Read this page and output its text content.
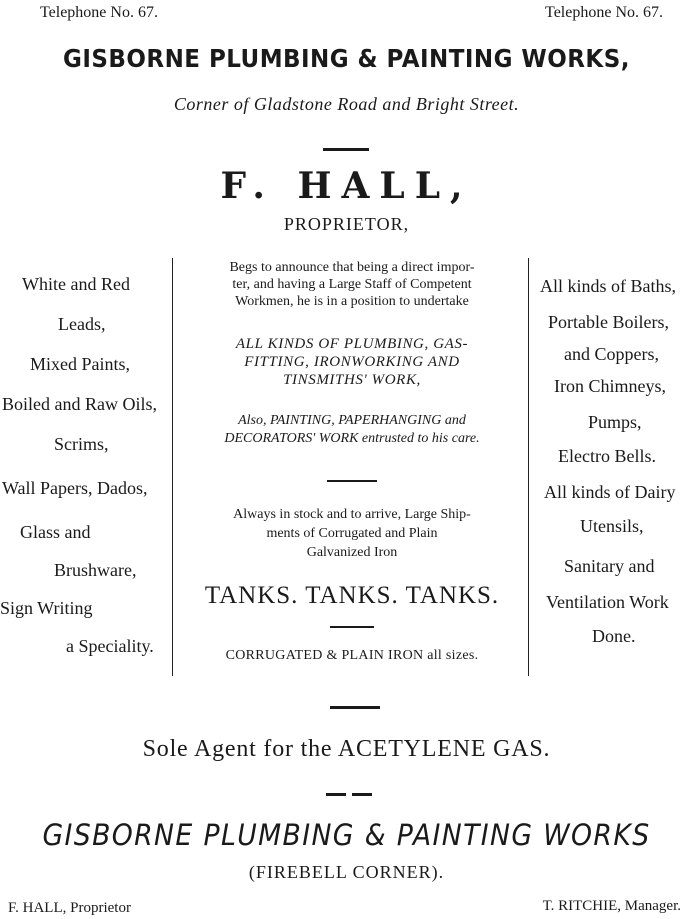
Telephone No. 67.	Telephone No. 67.
GISBORNE PLUMBING & PAINTING WORKS,
Corner of Gladstone Road and Bright Street.
F. HALL,
PROPRIETOR,
White and Red
Leads,
Mixed Paints,
Boiled and Raw Oils,
Scrims,
Wall Papers, Dados,
Glass and
Brushware,
Sign Writing
a Speciality.
Begs to announce that being a direct impor-
ter, and having a Large Staff of Competent
Workmen, he is in a position to undertake
ALL KINDS OF PLUMBING, GAS-
FITTING, IRONWORKING AND
TINSMITHS' WORK,
Also, PAINTING, PAPERHANGING and
DECORATORS' WORK entrusted to his care.
Always in stock and to arrive, Large Ship-
ments of Corrugated and Plain
Galvanized Iron
TANKS. TANKS. TANKS.
CORRUGATED & PLAIN IRON all sizes.
All kinds of Baths,
Portable Boilers,
and Coppers,
Iron Chimneys,
Pumps,
Electro Bells.
All kinds of Dairy
Utensils,
Sanitary and
Ventilation Work
Done.
Sole Agent for the ACETYLENE GAS.
GISBORNE PLUMBING & PAINTING WORKS
(FIREBELL CORNER).
F. HALL, Proprietor	T. RITCHIE, Manager.
